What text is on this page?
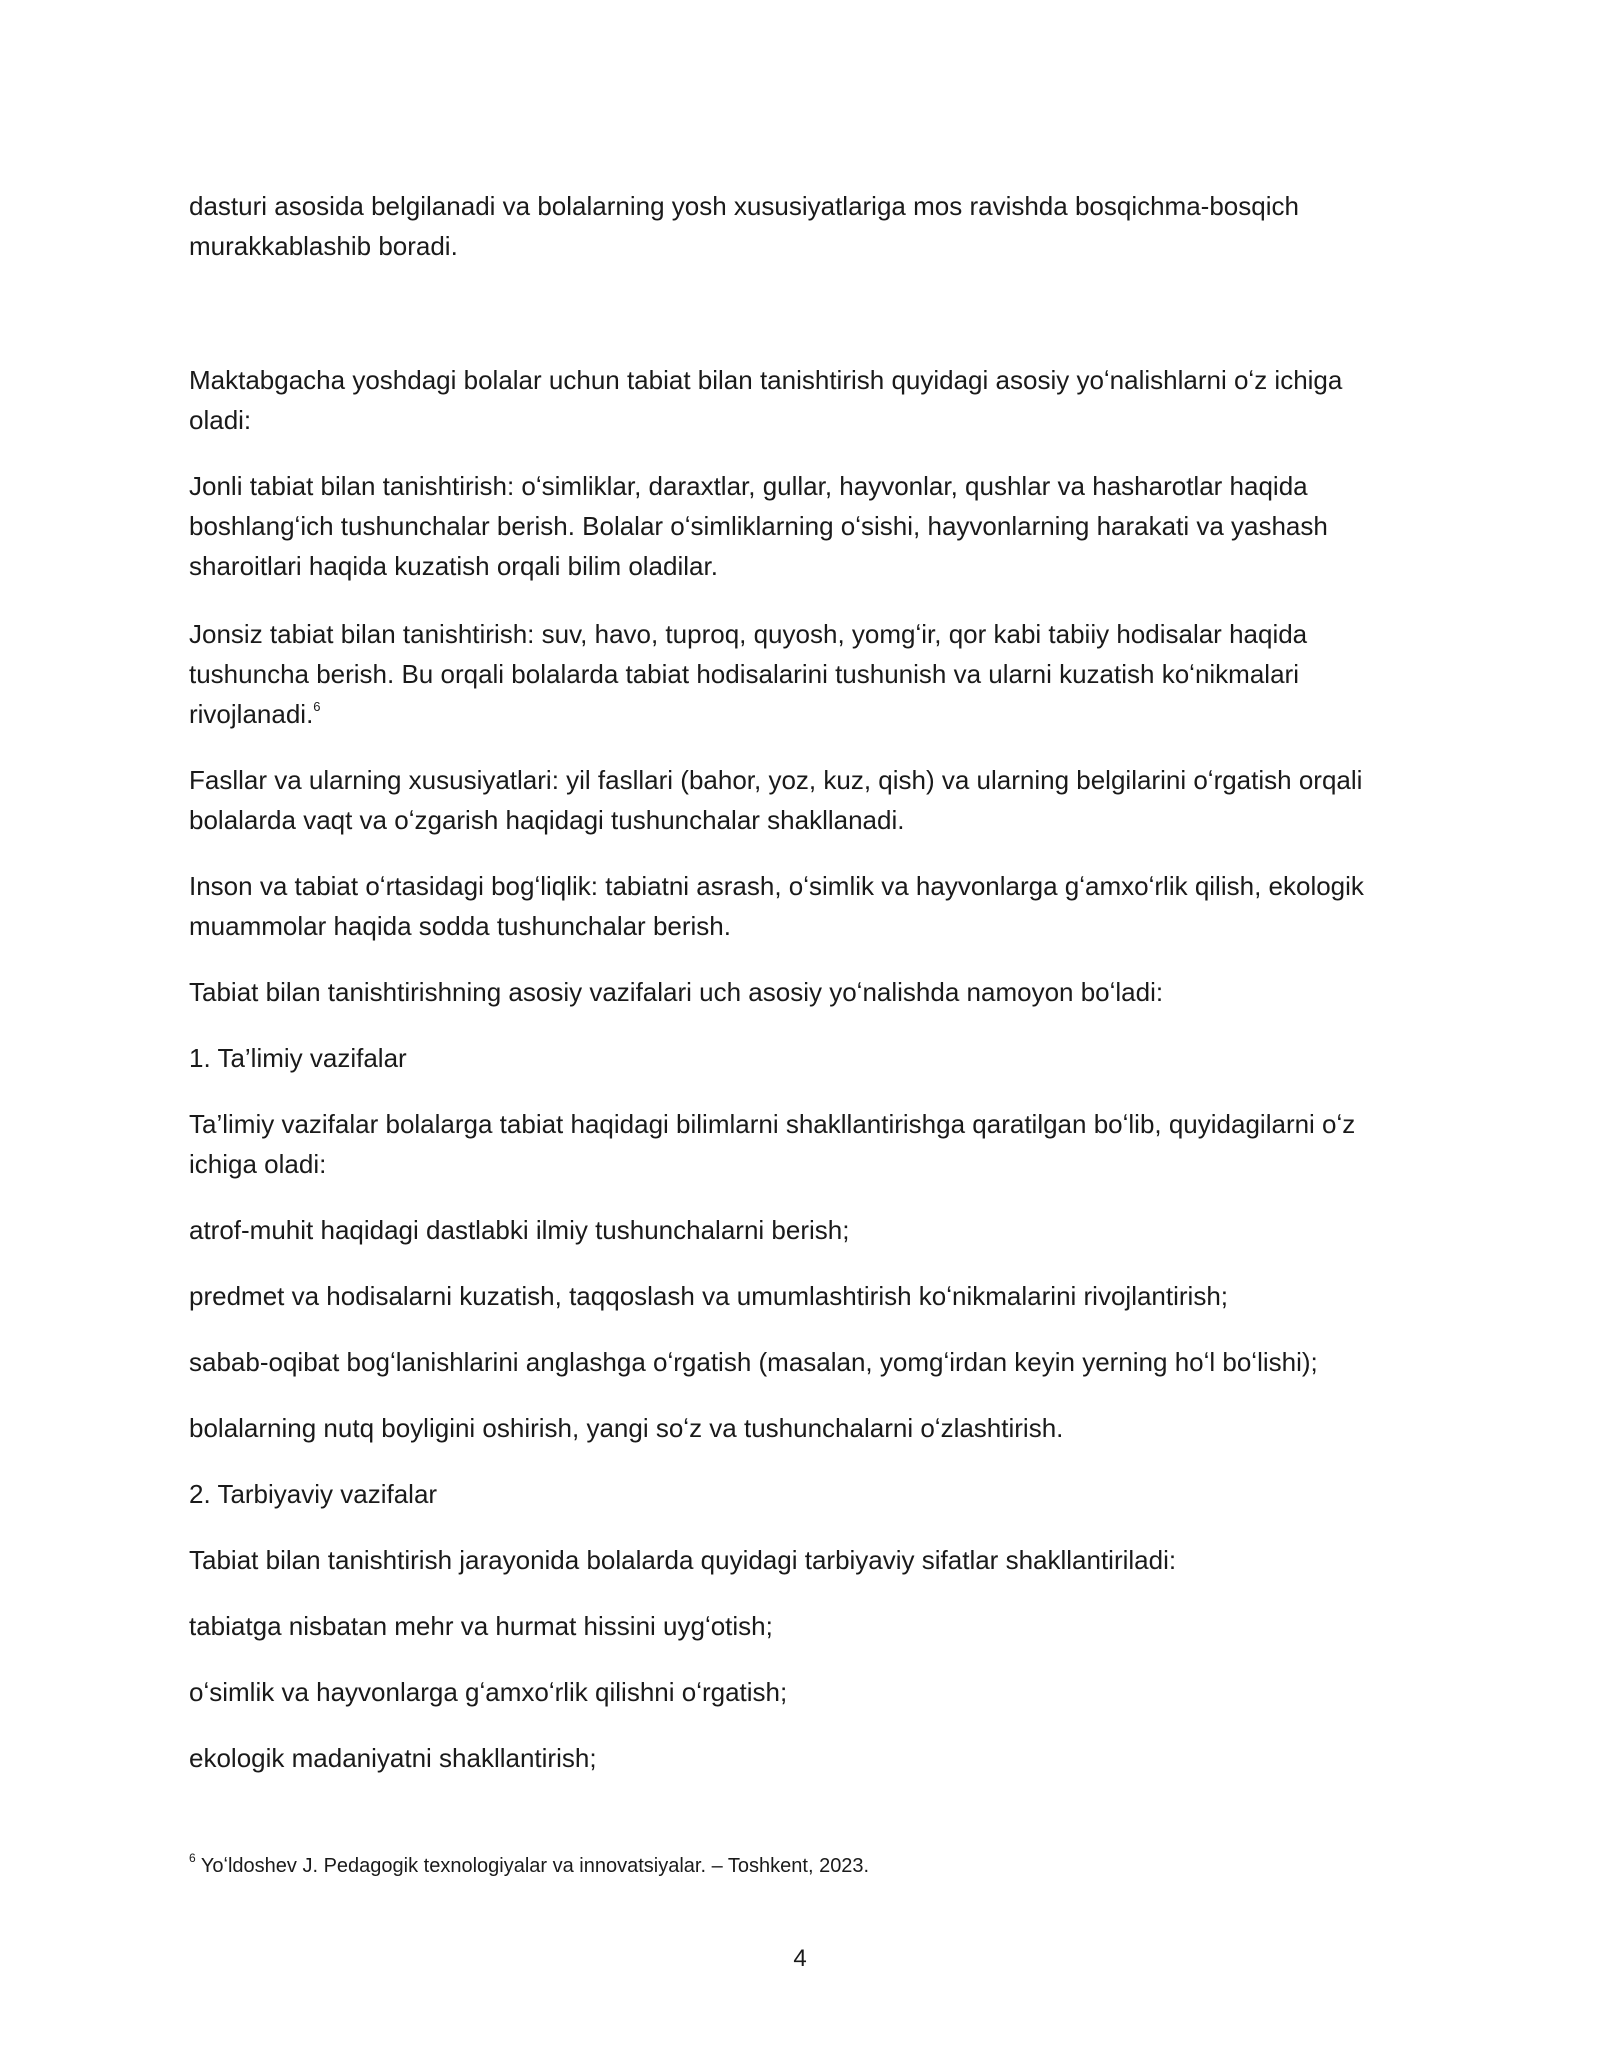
dasturi asosida belgilanadi va bolalarning yosh xususiyatlariga mos ravishda bosqichma-bosqich murakkablashib boradi.

Maktabgacha yoshdagi bolalar uchun tabiat bilan tanishtirish quyidagi asosiy yoʻnalishlarni oʻz ichiga oladi:

Jonli tabiat bilan tanishtirish: oʻsimliklar, daraxtlar, gullar, hayvonlar, qushlar va hasharotlar haqida boshlangʻich tushunchalar berish. Bolalar oʻsimliklarning oʻsishi, hayvonlarning harakati va yashash sharoitlari haqida kuzatish orqali bilim oladilar.

Jonsiz tabiat bilan tanishtirish: suv, havo, tuproq, quyosh, yomgʻir, qor kabi tabiiy hodisalar haqida tushuncha berish. Bu orqali bolalarda tabiat hodisalarini tushunish va ularni kuzatish koʻnikmalari rivojlanadi.$^6$

Fasllar va ularning xususiyatlari: yil fasllari (bahor, yoz, kuz, qish) va ularning belgilarini oʻrgatish orqali bolalarda vaqt va oʻzgarish haqidagi tushunchalar shakllanadi.

Inson va tabiat oʻrtasidagi bogʻliqlik: tabiatni asrash, oʻsimlik va hayvonlarga gʻamxoʻrlik qilish, ekologik muammolar haqida sodda tushunchalar berish.

Tabiat bilan tanishtirishning asosiy vazifalari uch asosiy yoʻnalishda namoyon boʻladi:

1. Ta’limiy vazifalar

Ta’limiy vazifalar bolalarga tabiat haqidagi bilimlarni shakllantirishga qaratilgan boʻlib, quyidagilarni oʻz ichiga oladi:

atrof-muhit haqidagi dastlabki ilmiy tushunchalarni berish;

predmet va hodisalarni kuzatish, taqqoslash va umumlashtirish koʻnikmalarini rivojlantirish;

sabab-oqibat bogʻlanishlarini anglashga oʻrgatish (masalan, yomgʻirdan keyin yerning hoʻl boʻlishi);

bolalarning nutq boyligini oshirish, yangi soʻz va tushunchalarni oʻzlashtirish.

2. Tarbiyaviy vazifalar

Tabiat bilan tanishtirish jarayonida bolalarda quyidagi tarbiyaviy sifatlar shakllantiriladi:

tabiatga nisbatan mehr va hurmat hissini uygʻotish;

oʻsimlik va hayvonlarga gʻamxoʻrlik qilishni oʻrgatish;

ekologik madaniyatni shakllantirish;

$^6$ Yoʻldoshev J. Pedagogik texnologiyalar va innovatsiyalar. – Toshkent, 2023.

4
